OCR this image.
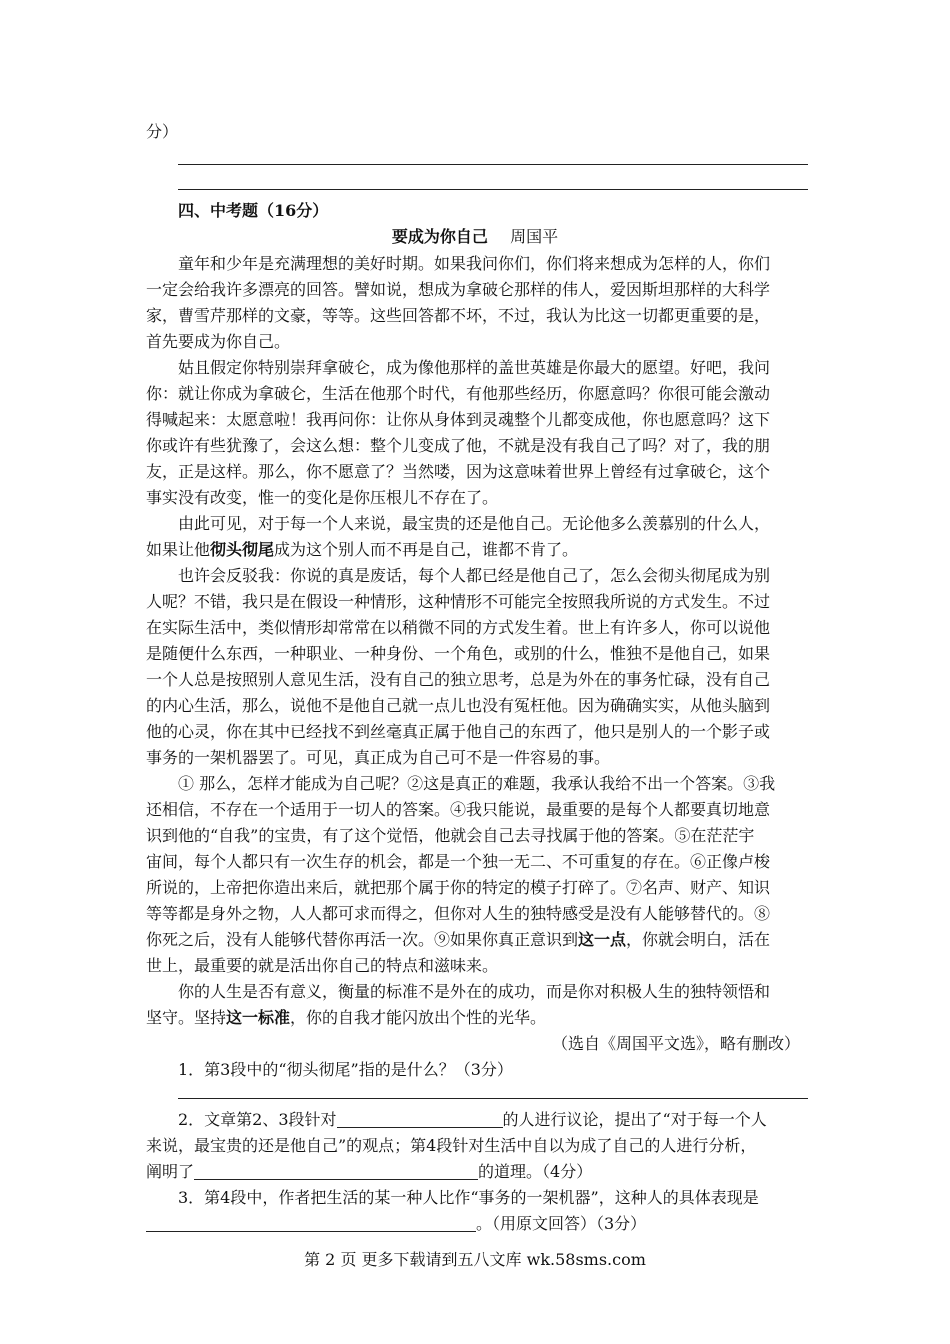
分）
四、中考题（16分）
要成为你自己 周国平
童年和少年是充满理想的美好时期。如果我问你们，你们将来想成为怎样的人，你们
一定会给我许多漂亮的回答。譬如说，想成为拿破仑那样的伟人，爱因斯坦那样的大科学
家，曹雪芹那样的文豪，等等。这些回答都不坏，不过，我认为比这一切都更重要的是，
首先要成为你自己。
姑且假定你特别崇拜拿破仑，成为像他那样的盖世英雄是你最大的愿望。好吧，我问
你：就让你成为拿破仑，生活在他那个时代，有他那些经历，你愿意吗？你很可能会激动
得喊起来：太愿意啦！我再问你：让你从身体到灵魂整个儿都变成他，你也愿意吗？这下
你或许有些犹豫了，会这么想：整个儿变成了他，不就是没有我自己了吗？对了，我的朋
友，正是这样。那么，你不愿意了？当然喽，因为这意味着世界上曾经有过拿破仑，这个
事实没有改变，惟一的变化是你压根儿不存在了。
由此可见，对于每一个人来说，最宝贵的还是他自己。无论他多么羡慕别的什么人，
如果让他彻头彻尾成为这个别人而不再是自己，谁都不肯了。
也许会反驳我：你说的真是废话，每个人都已经是他自己了，怎么会彻头彻尾成为别
人呢？不错，我只是在假设一种情形，这种情形不可能完全按照我所说的方式发生。不过
在实际生活中，类似情形却常常在以稍微不同的方式发生着。世上有许多人，你可以说他
是随便什么东西，一种职业、一种身份、一个角色，或别的什么，惟独不是他自己，如果
一个人总是按照别人意见生活，没有自己的独立思考，总是为外在的事务忙碌，没有自己
的内心生活，那么，说他不是他自己就一点儿也没有冤枉他。因为确确实实，从他头脑到
他的心灵，你在其中已经找不到丝毫真正属于他自己的东西了，他只是别人的一个影子或
事务的一架机器罢了。可见，真正成为自己可不是一件容易的事。
① 那么，怎样才能成为自己呢？②这是真正的难题，我承认我给不出一个答案。③我
还相信，不存在一个适用于一切人的答案。④我只能说，最重要的是每个人都要真切地意
识到他的“自我”的宝贵，有了这个觉悟，他就会自己去寻找属于他的答案。⑤在茫茫宇
宙间，每个人都只有一次生存的机会，都是一个独一无二、不可重复的存在。⑥正像卢梭
所说的，上帝把你造出来后，就把那个属于你的特定的模子打碎了。⑦名声、财产、知识
等等都是身外之物，人人都可求而得之，但你对人生的独特感受是没有人能够替代的。⑧
你死之后，没有人能够代替你再活一次。⑨如果你真正意识到这一点，你就会明白，活在
世上，最重要的就是活出你自己的特点和滋味来。
你的人生是否有意义，衡量的标准不是外在的成功，而是你对积极人生的独特领悟和
坚守。坚持这一标准，你的自我才能闪放出个性的光华。
（选自《周国平文选》，略有删改）
1．第3段中的“彻头彻尾”指的是什么？（3分）
2．文章第2、3段针对	的人进行议论，提出了“对于每一个人
来说，最宝贵的还是他自己”的观点；第4段针对生活中自以为成了自己的人进行分析，
阐明了	的道理。（4分）
3．第4段中，作者把生活的某一种人比作“事务的一架机器”，这种人的具体表现是
。（用原文回答）（3分）
第 2 页 更多下载请到五八文库 wk.58sms.com
